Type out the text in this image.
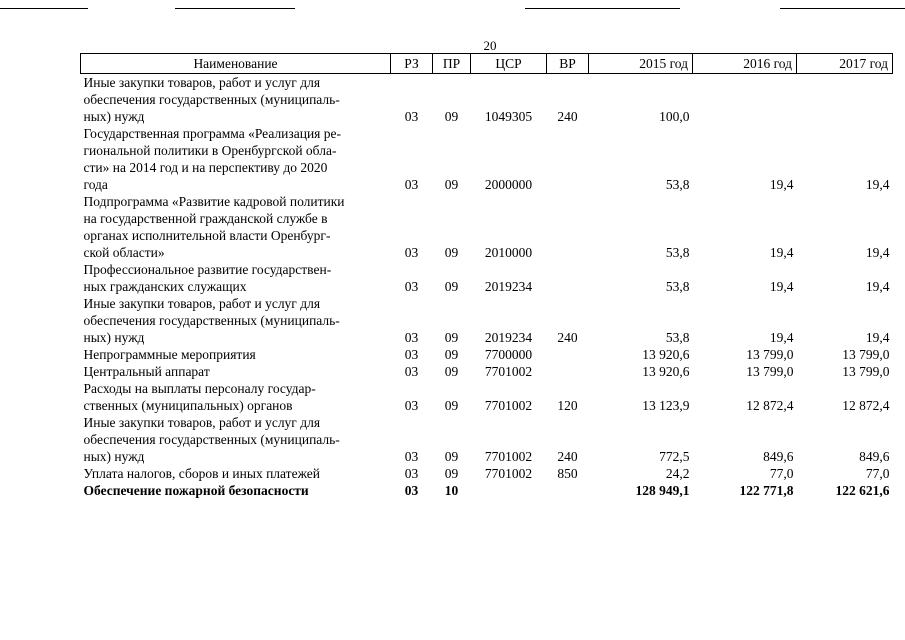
20
Наименование	РЗ	ПР	ЦСР	ВР	2015 год	2016 год	2017 год
Иные закупки товаров, работ и услуг для
обеспечения государственных (муниципаль-
ных) нужд	03	09	1049305	240	100,0		
Государственная программа «Реализация ре-
гиональной политики в Оренбургской обла-
сти» на 2014 год и на перспективу до 2020
года	03	09	2000000		53,8	19,4	19,4
Подпрограмма «Развитие кадровой политики
на государственной гражданской службе в
органах исполнительной власти Оренбург-
ской области»	03	09	2010000		53,8	19,4	19,4
Профессиональное развитие государствен-
ных гражданских служащих	03	09	2019234		53,8	19,4	19,4
Иные закупки товаров, работ и услуг для
обеспечения государственных (муниципаль-
ных) нужд	03	09	2019234	240	53,8	19,4	19,4
Непрограммные мероприятия	03	09	7700000		13 920,6	13 799,0	13 799,0
Центральный аппарат	03	09	7701002		13 920,6	13 799,0	13 799,0
Расходы на выплаты персоналу государ-
ственных (муниципальных) органов	03	09	7701002	120	13 123,9	12 872,4	12 872,4
Иные закупки товаров, работ и услуг для
обеспечения государственных (муниципаль-
ных) нужд	03	09	7701002	240	772,5	849,6	849,6
Уплата налогов, сборов и иных платежей	03	09	7701002	850	24,2	77,0	77,0
Обеспечение пожарной безопасности	03	10			128 949,1	122 771,8	122 621,6
